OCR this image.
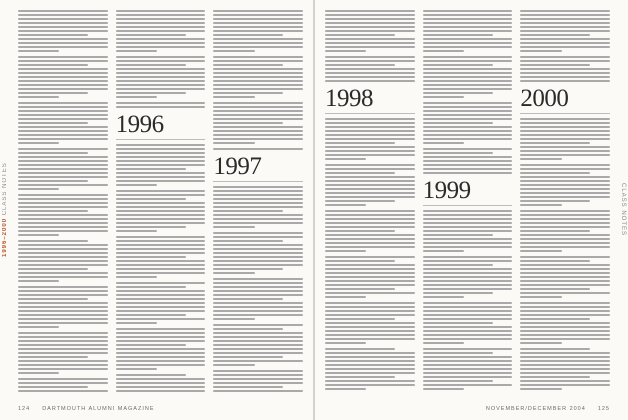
1996–2000 CLASS NOTES
1996
1997
124 DARTMOUTH ALUMNI MAGAZINE
CLASS NOTES
1998
1999
2000
NOVEMBER/DECEMBER 2004 125
